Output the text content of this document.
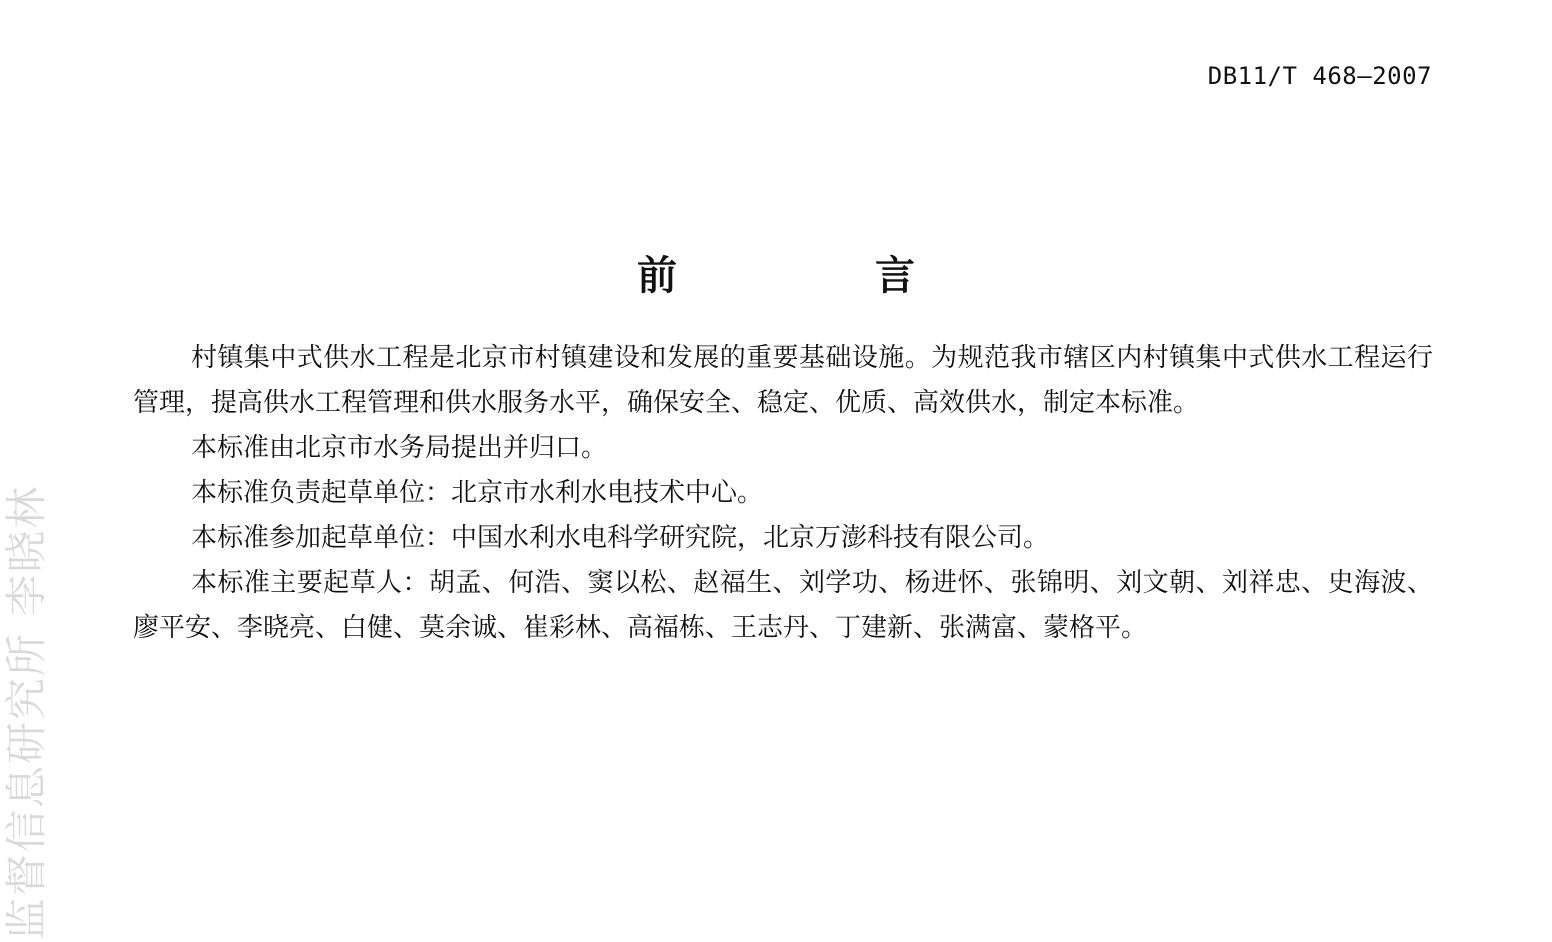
监督信息研究所 李晓林
DB11/T 468—2007
前 言

村镇集中式供水工程是北京市村镇建设和发展的重要基础设施。为规范我市辖区内村镇集中式供水工程运行管理，提高供水工程管理和供水服务水平，确保安全、稳定、优质、高效供水，制定本标准。

本标准由北京市水务局提出并归口。

本标准负责起草单位：北京市水利水电技术中心。

本标准参加起草单位：中国水利水电科学研究院，北京万澎科技有限公司。

本标准主要起草人：胡孟、何浩、窦以松、赵福生、刘学功、杨进怀、张锦明、刘文朝、刘祥忠、史海波、廖平安、李晓亮、白健、莫余诚、崔彩林、高福栋、王志丹、丁建新、张满富、蒙格平。
